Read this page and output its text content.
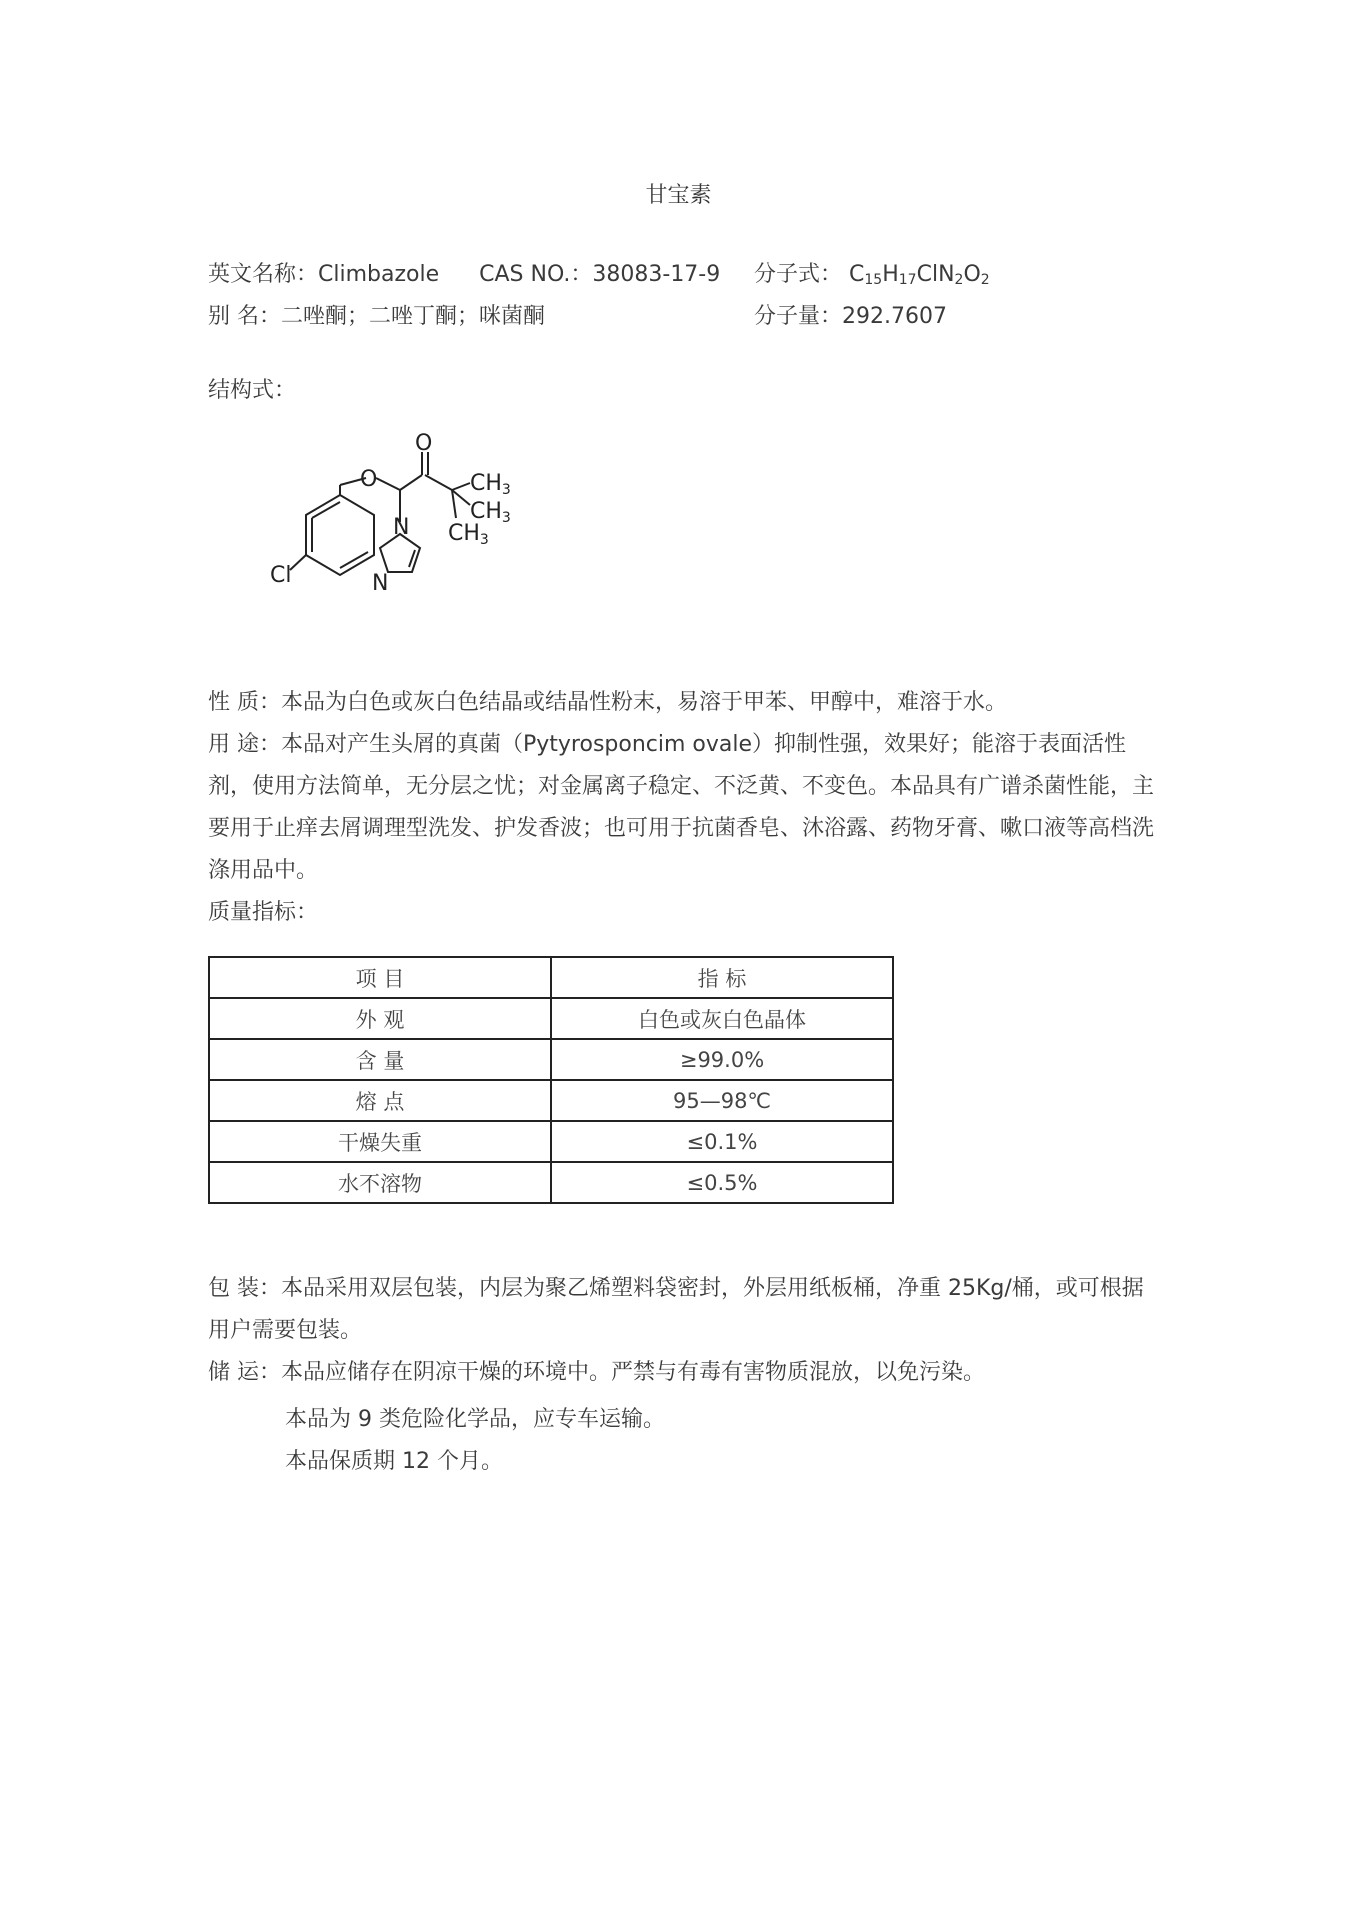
甘宝素
英文名称：Climbazole CAS NO.：38083-17-9 分子式： $C_{15}H_{17}ClN_2O_2$
别 名：二唑酮；二唑丁酮；咪菌酮	分子量：292.7607
结构式：
O
O
Cl
N
N
CH3
CH3
CH3
性 质：本品为白色或灰白色结晶或结晶性粉末，易溶于甲苯、甲醇中，难溶于水。
用 途：本品对产生头屑的真菌（Pytyrosponcim ovale）抑制性强，效果好；能溶于表面活性剂，使用方法简单，无分层之忧；对金属离子稳定、不泛黄、不变色。本品具有广谱杀菌性能，主要用于止痒去屑调理型洗发、护发香波；也可用于抗菌香皂、沐浴露、药物牙膏、嗽口液等高档洗涤用品中。
质量指标：
项 目	指 标
外 观	白色或灰白色晶体
含 量	≥99.0%
熔 点	95—98℃
干燥失重	≤0.1%
水不溶物	≤0.5%
包 装：本品采用双层包装，内层为聚乙烯塑料袋密封，外层用纸板桶，净重 25Kg/桶，或可根据用户需要包装。
储 运：本品应储存在阴凉干燥的环境中。严禁与有毒有害物质混放，以免污染。
本品为 9 类危险化学品，应专车运输。
本品保质期 12 个月。
